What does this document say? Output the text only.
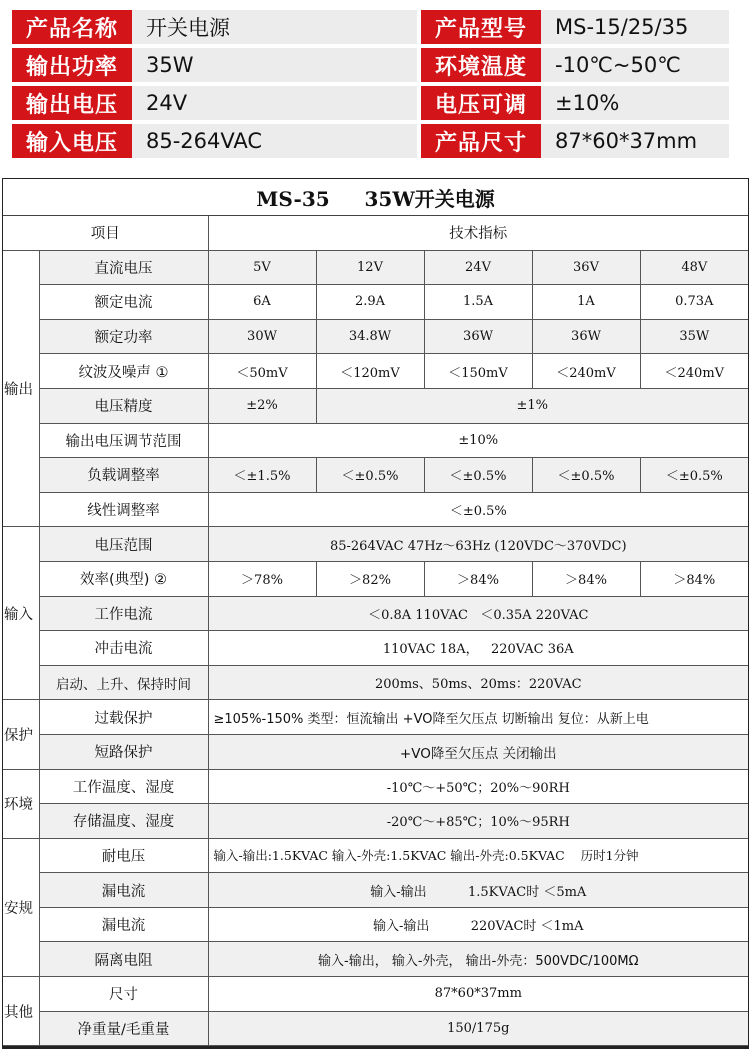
产品名称	开关电源	产品型号	MS-15/25/35
输出功率	35W	环境温度	-10℃~50℃
输出电压	24V	电压可调	±10%
输入电压	85-264VAC	产品尺寸	87*60*37mm
MS-35     35W开关电源
项目		技术指标				
输出	直流电压	5V	12V	24V	36V	48V
	额定电流	6A	2.9A	1.5A	1A	0.73A
	额定功率	30W	34.8W	36W	36W	35W
	纹波及噪声 ①	＜50mV	＜120mV	＜150mV	＜240mV	＜240mV
	电压精度	±2%	±1%			
	输出电压调节范围	±10%				
	负载调整率	＜±1.5%	＜±0.5%	＜±0.5%	＜±0.5%	＜±0.5%
	线性调整率	＜±0.5%				
输入	电压范围	85-264VAC 47Hz～63Hz (120VDC～370VDC)				
	效率(典型) ②	＞78%	＞82%	＞84%	＞84%	＞84%
	工作电流	＜0.8A 110VAC   ＜0.35A 220VAC				
	冲击电流	110VAC 18A，   220VAC 36A				
	启动、上升、保持时间	200ms、50ms、20ms：220VAC				
保护	过载保护	≥105%-150% 类型：恒流输出 +VO降至欠压点 切断输出 复位：从新上电				
	短路保护	+VO降至欠压点 关闭输出				
环境	工作温度、湿度	-10℃～+50℃；20%～90RH				
	存储温度、湿度	-20℃～+85℃；10%～95RH				
安规	耐电压	输入-输出:1.5KVAC 输入-外壳:1.5KVAC 输出-外壳:0.5KVAC    历时1分钟				
	漏电流	输入-输出          1.5KVAC时 ＜5mA				
	漏电流	输入-输出          220VAC时 ＜1mA				
	隔离电阻	输入-输出， 输入-外壳， 输出-外壳：500VDC/100MΩ				
其他	尺寸	87*60*37mm				
	净重量/毛重量	150/175g				
